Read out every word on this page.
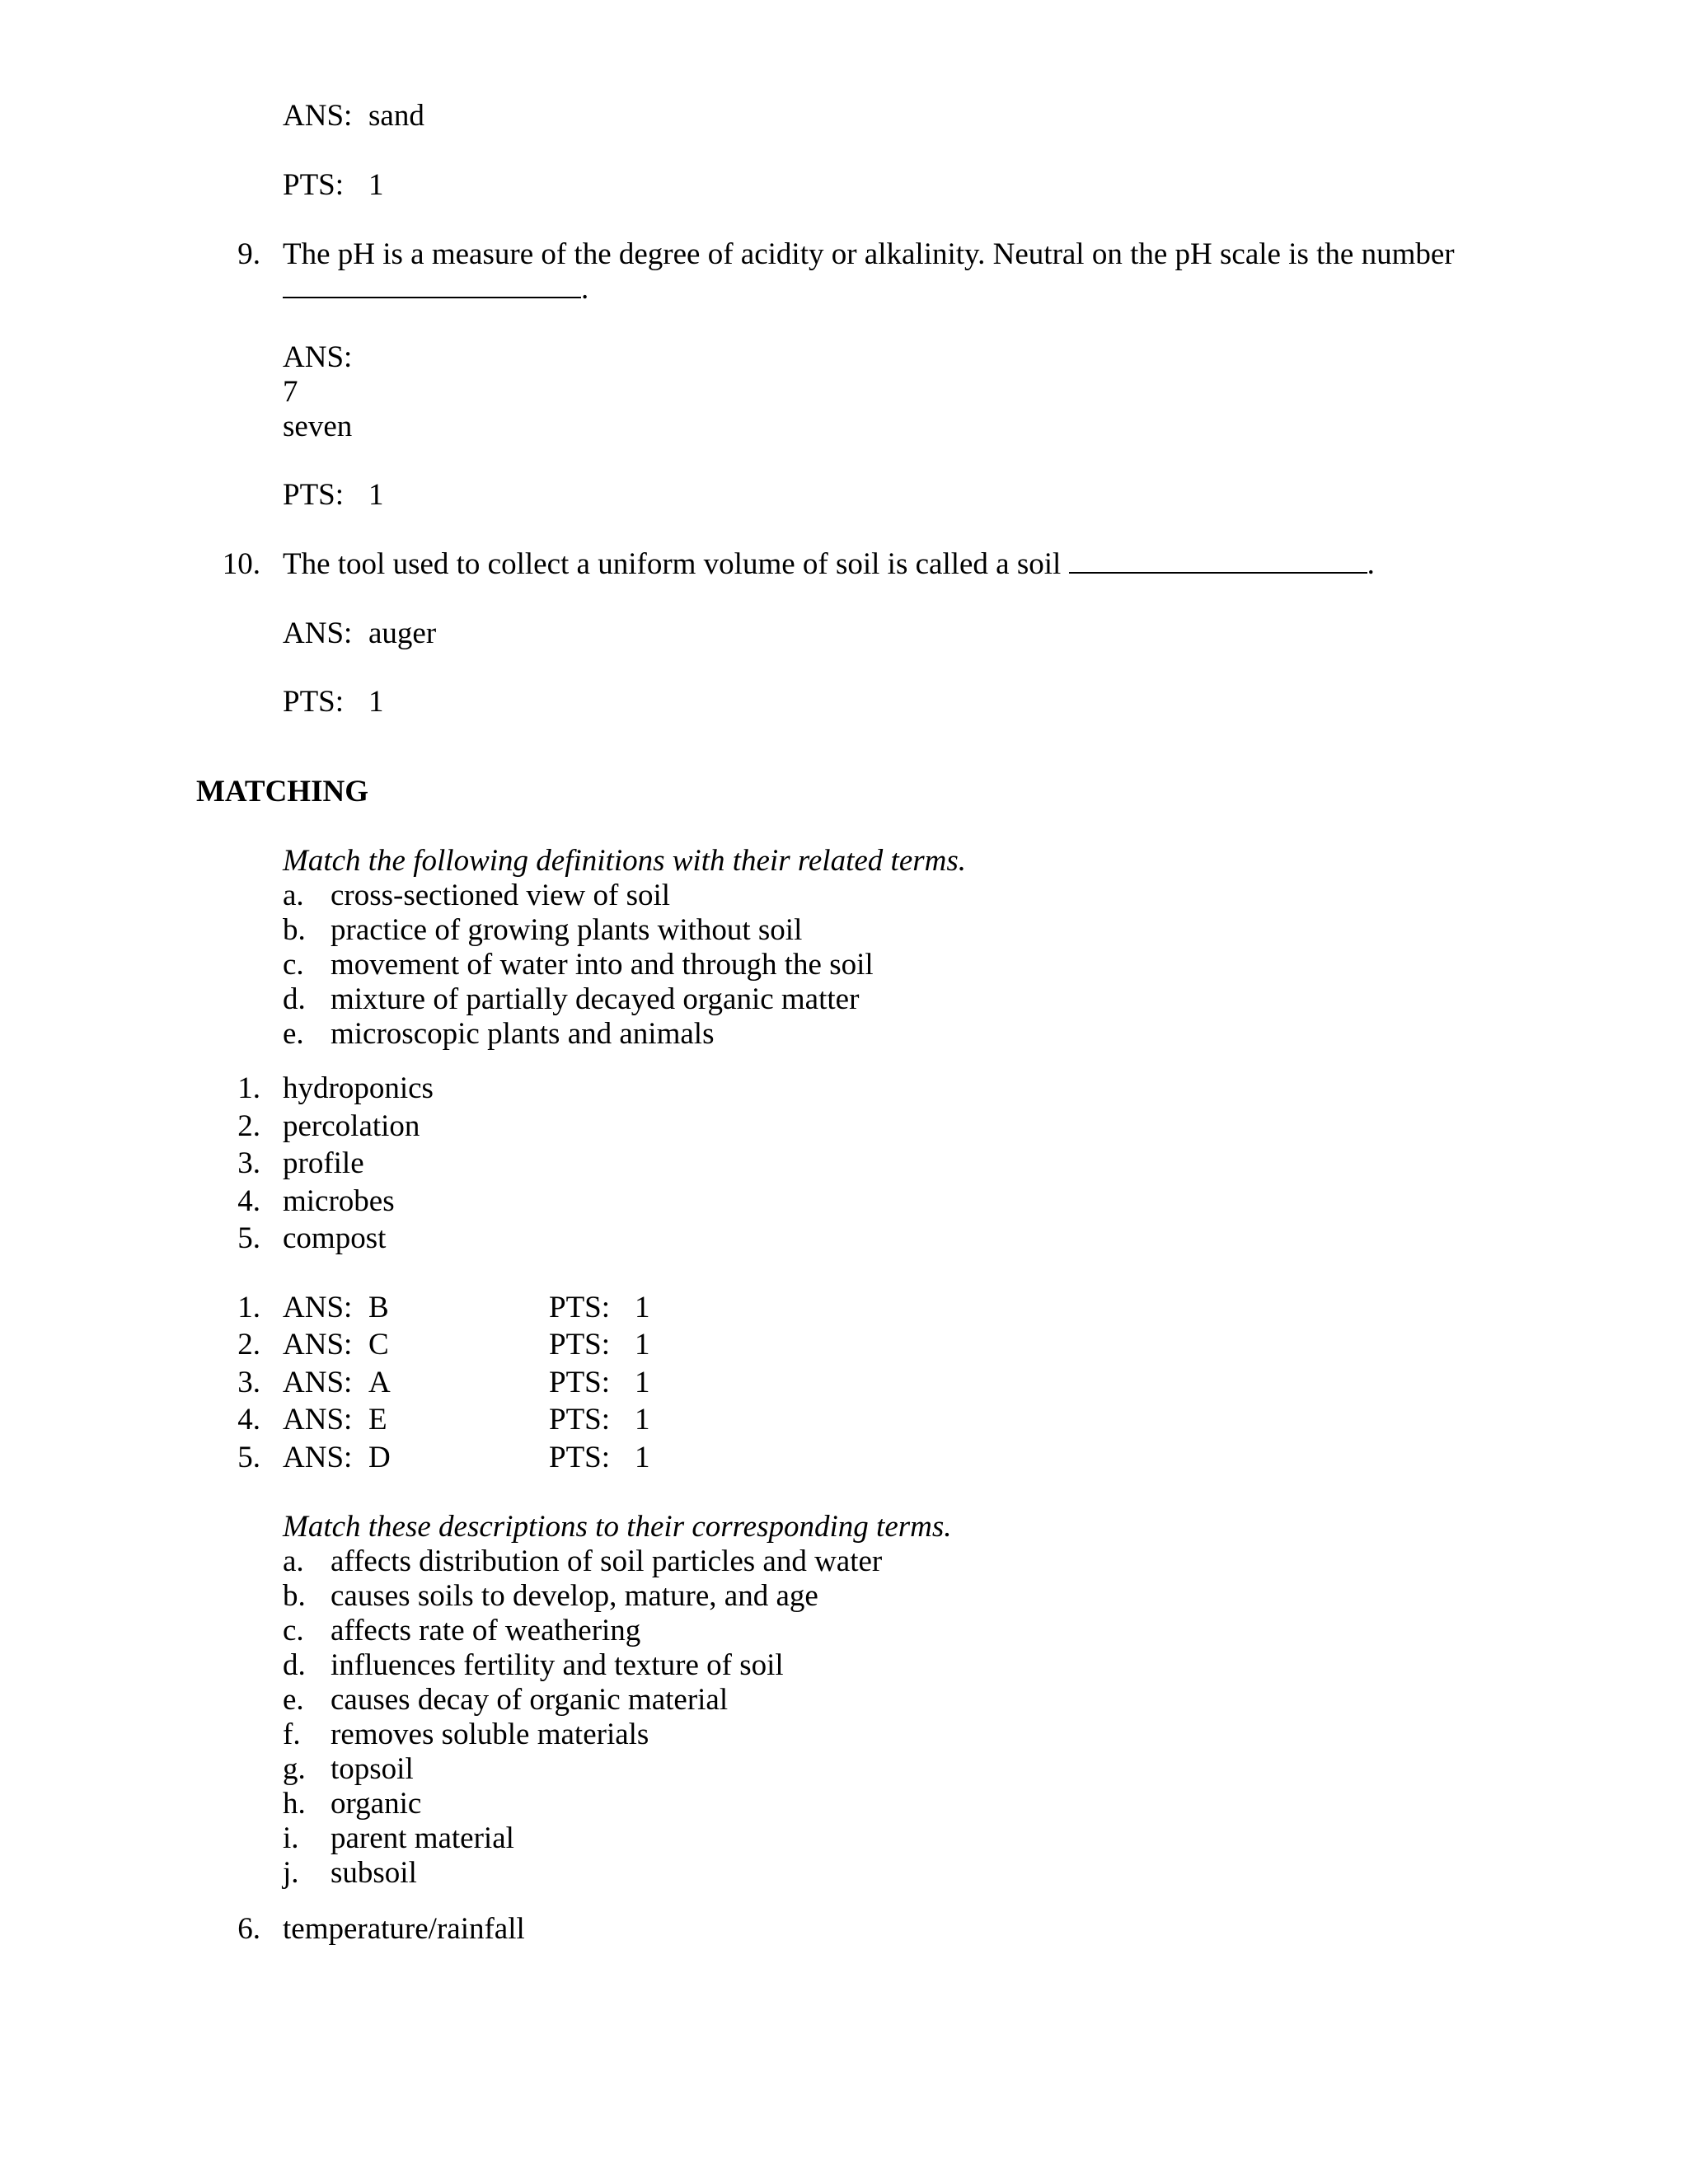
ANS: sand
PTS: 1
9. The pH is a measure of the degree of acidity or alkalinity. Neutral on the pH scale is the number
.
ANS:
7
seven
PTS: 1
10. The tool used to collect a uniform volume of soil is called a soil	.
ANS: auger
PTS: 1
MATCHING
Match the following definitions with their related terms.
a. cross-sectioned view of soil
b. practice of growing plants without soil
c. movement of water into and through the soil
d. mixture of partially decayed organic matter
e. microscopic plants and animals
1. hydroponics
2. percolation
3. profile
4. microbes
5. compost
1. ANS: B	PTS: 1
2. ANS: C	PTS: 1
3. ANS: A	PTS: 1
4. ANS: E	PTS: 1
5. ANS: D	PTS: 1
Match these descriptions to their corresponding terms.
a. affects distribution of soil particles and water
b. causes soils to develop, mature, and age
c. affects rate of weathering
d. influences fertility and texture of soil
e. causes decay of organic material
f. removes soluble materials
g. topsoil
h. organic
i. parent material
j. subsoil
6. temperature/rainfall
